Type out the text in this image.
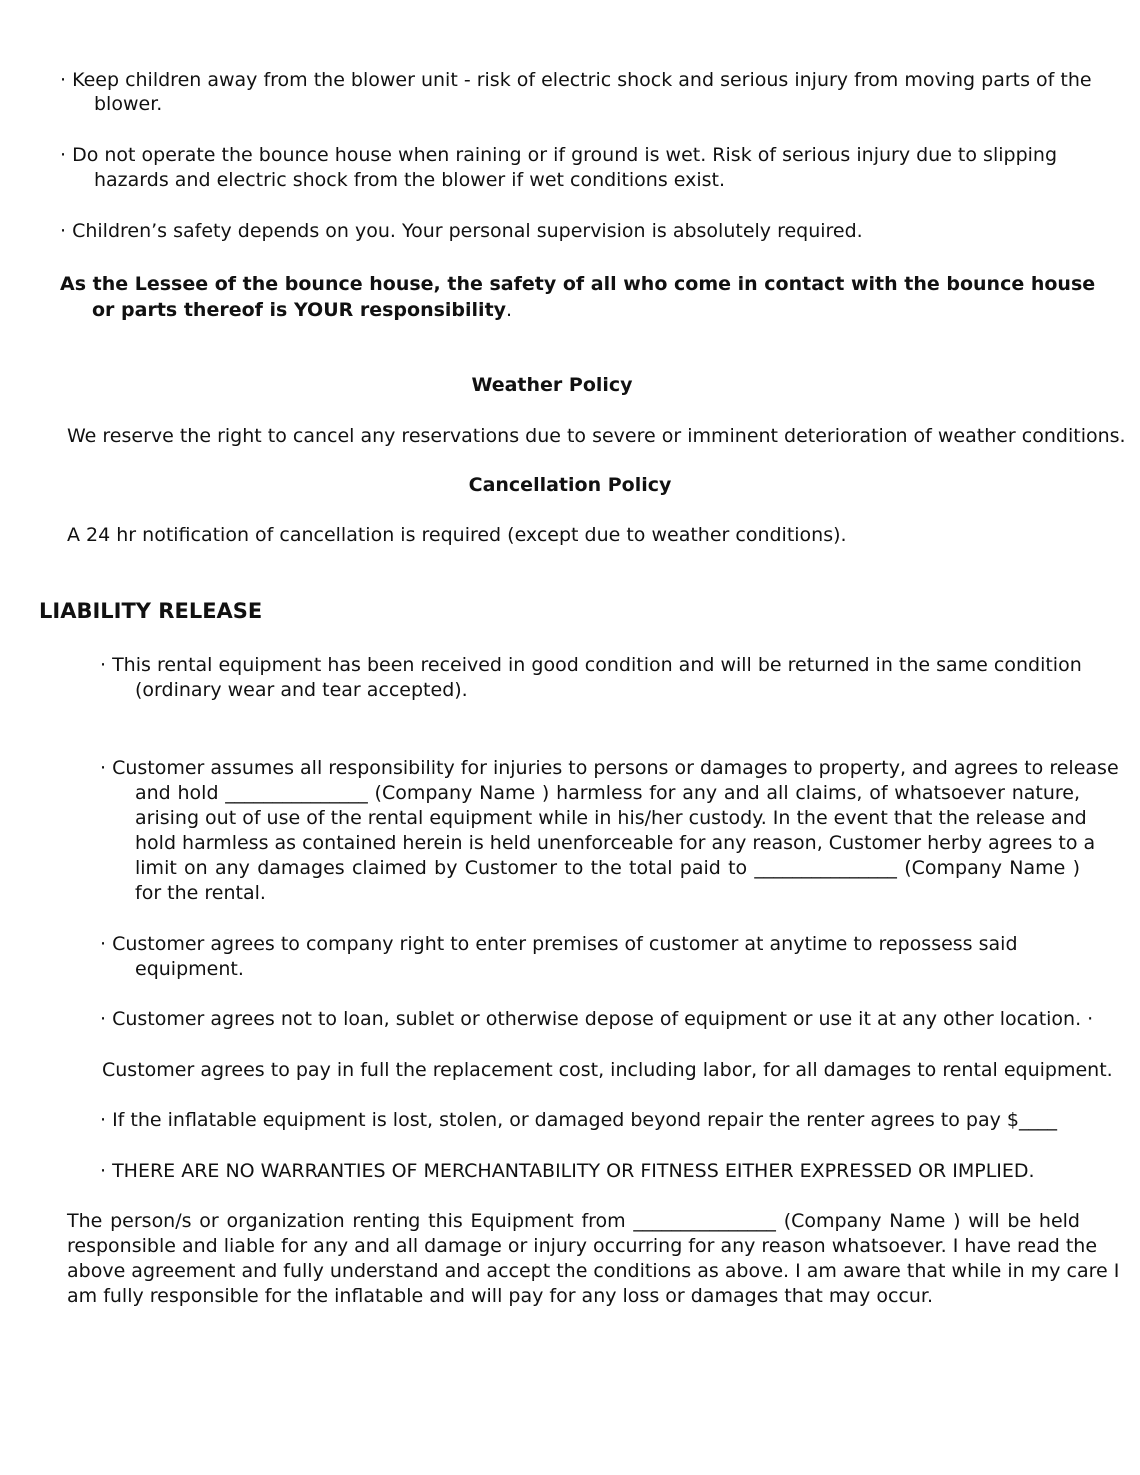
· Keep children away from the blower unit - risk of electric shock and serious injury from moving parts of the
blower.
· Do not operate the bounce house when raining or if ground is wet. Risk of serious injury due to slipping
hazards and electric shock from the blower if wet conditions exist.
· Children’s safety depends on you. Your personal supervision is absolutely required.
As the Lessee of the bounce house, the safety of all who come in contact with the bounce house
or parts thereof is YOUR responsibility.
Weather Policy
We reserve the right to cancel any reservations due to severe or imminent deterioration of weather conditions.
Cancellation Policy
A 24 hr notification of cancellation is required (except due to weather conditions).
LIABILITY RELEASE
· This rental equipment has been received in good condition and will be returned in the same condition
(ordinary wear and tear accepted).
· Customer assumes all responsibility for injuries to persons or damages to property, and agrees to release
and hold _______________ (Company Name ) harmless for any and all claims, of whatsoever nature,
arising out of use of the rental equipment while in his/her custody. In the event that the release and
hold harmless as contained herein is held unenforceable for any reason, Customer herby agrees to a
limit on any damages claimed by Customer to the total paid to _______________ (Company Name )
for the rental.
· Customer agrees to company right to enter premises of customer at anytime to repossess said
equipment.
· Customer agrees not to loan, sublet or otherwise depose of equipment or use it at any other location. ·
Customer agrees to pay in full the replacement cost, including labor, for all damages to rental equipment.
· If the inflatable equipment is lost, stolen, or damaged beyond repair the renter agrees to pay $____
· THERE ARE NO WARRANTIES OF MERCHANTABILITY OR FITNESS EITHER EXPRESSED OR IMPLIED.
The person/s or organization renting this Equipment from _______________ (Company Name ) will be held
responsible and liable for any and all damage or injury occurring for any reason whatsoever. I have read the
above agreement and fully understand and accept the conditions as above. I am aware that while in my care I
am fully responsible for the inflatable and will pay for any loss or damages that may occur.
